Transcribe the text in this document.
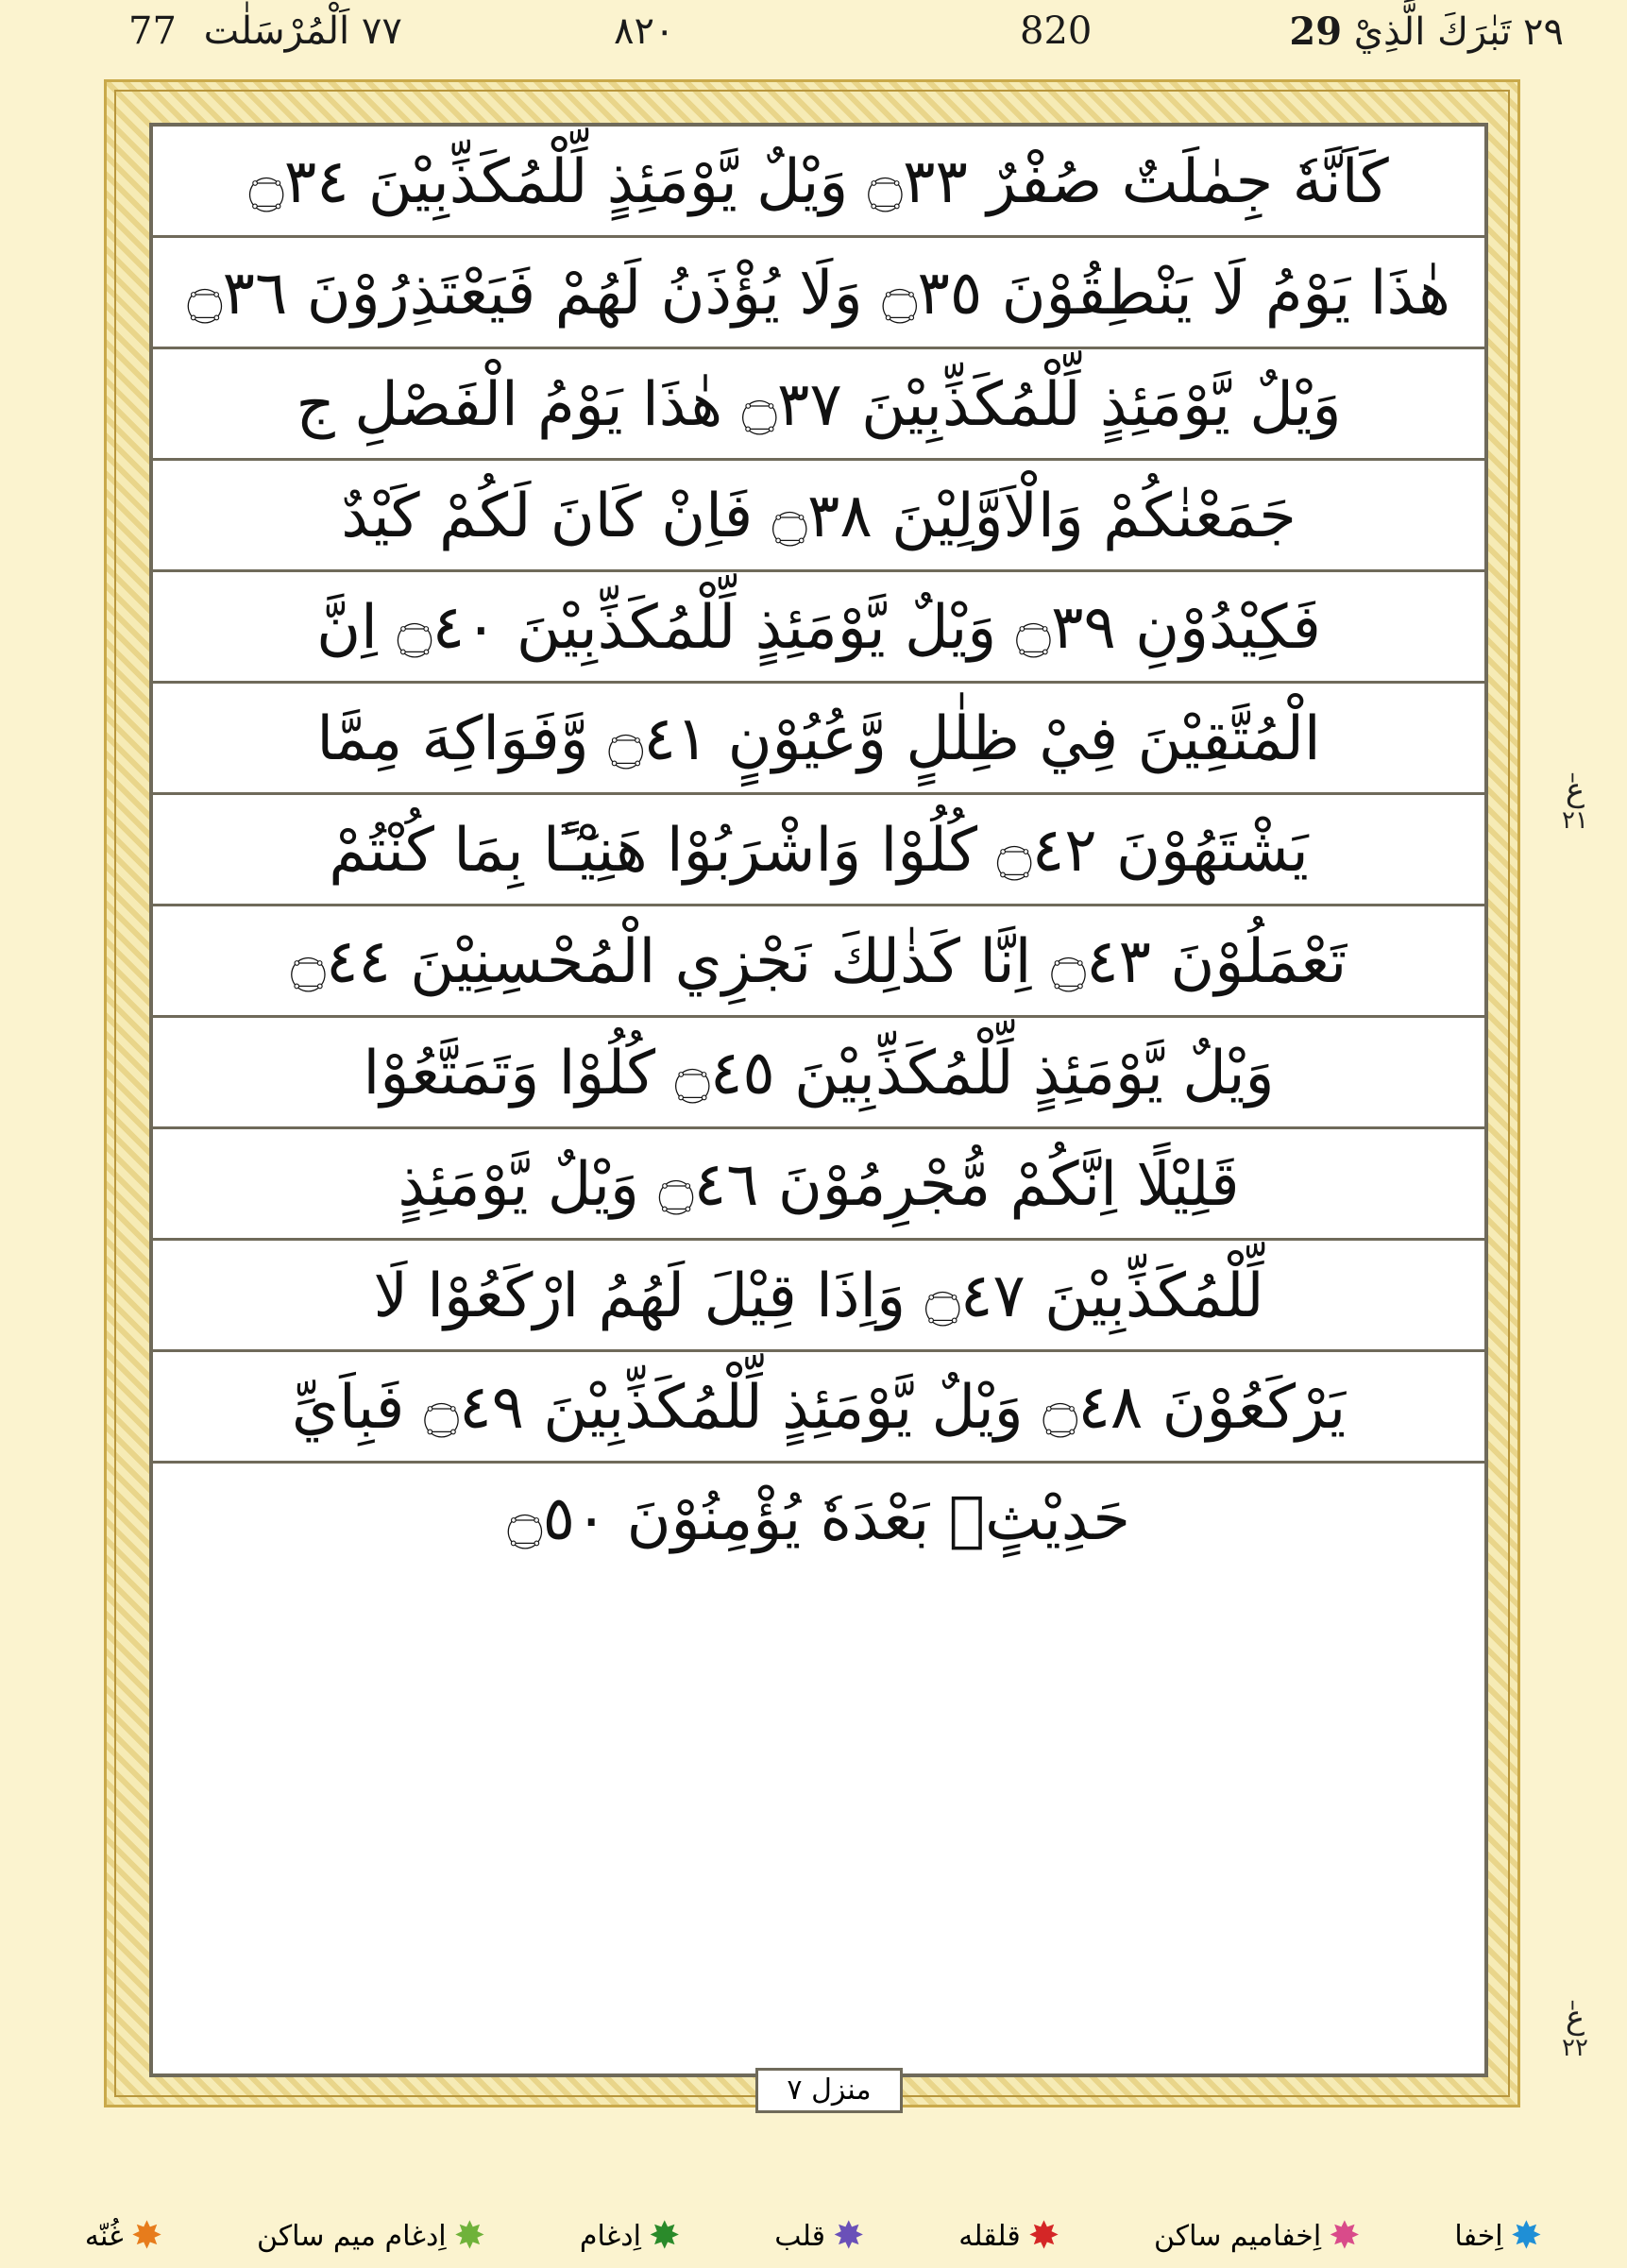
٢٩ تَبٰرَكَ الَّذِيْ 29
820
٨٢٠
٧٧ اَلْمُرْسَلٰت 77
كَاَنَّهٗ جِمٰلَتٌ صُفْرٌ ۝٣٣ وَيْلٌ يَّوْمَئِذٍ لِّلْمُكَذِّبِيْنَ ۝٣٤
هٰذَا يَوْمُ لَا يَنْطِقُوْنَ ۝٣٥ وَلَا يُؤْذَنُ لَهُمْ فَيَعْتَذِرُوْنَ ۝٣٦
وَيْلٌ يَّوْمَئِذٍ لِّلْمُكَذِّبِيْنَ ۝٣٧ هٰذَا يَوْمُ الْفَصْلِ ج
جَمَعْنٰكُمْ وَالْاَوَّلِيْنَ ۝٣٨ فَاِنْ كَانَ لَكُمْ كَيْدٌ
فَكِيْدُوْنِ ۝٣٩ وَيْلٌ يَّوْمَئِذٍ لِّلْمُكَذِّبِيْنَ ۝٤٠ اِنَّ
الْمُتَّقِيْنَ فِيْ ظِلٰلٍ وَّعُيُوْنٍ ۝٤١ وَّفَوَاكِهَ مِمَّا
يَشْتَهُوْنَ ۝٤٢ كُلُوْا وَاشْرَبُوْا هَنِيْٓـًٔا بِمَا كُنْتُمْ
تَعْمَلُوْنَ ۝٤٣ اِنَّا كَذٰلِكَ نَجْزِي الْمُحْسِنِيْنَ ۝٤٤
وَيْلٌ يَّوْمَئِذٍ لِّلْمُكَذِّبِيْنَ ۝٤٥ كُلُوْا وَتَمَتَّعُوْا
قَلِيْلًا اِنَّكُمْ مُّجْرِمُوْنَ ۝٤٦ وَيْلٌ يَّوْمَئِذٍ
لِّلْمُكَذِّبِيْنَ ۝٤٧ وَاِذَا قِيْلَ لَهُمُ ارْكَعُوْا لَا
يَرْكَعُوْنَ ۝٤٨ وَيْلٌ يَّوْمَئِذٍ لِّلْمُكَذِّبِيْنَ ۝٤٩ فَبِاَيِّ
حَدِيْثٍۢ بَعْدَهٗ يُؤْمِنُوْنَ ۝٥٠
عٰ
٢١
عٰ
٢٢
منزل ٧
✸
اِخفا
✸
اِخفامیم ساکن
✸
قلقله
✸
قلب
✸
اِدغام
✸
اِدغام میم ساکن
✸
غُنّه
